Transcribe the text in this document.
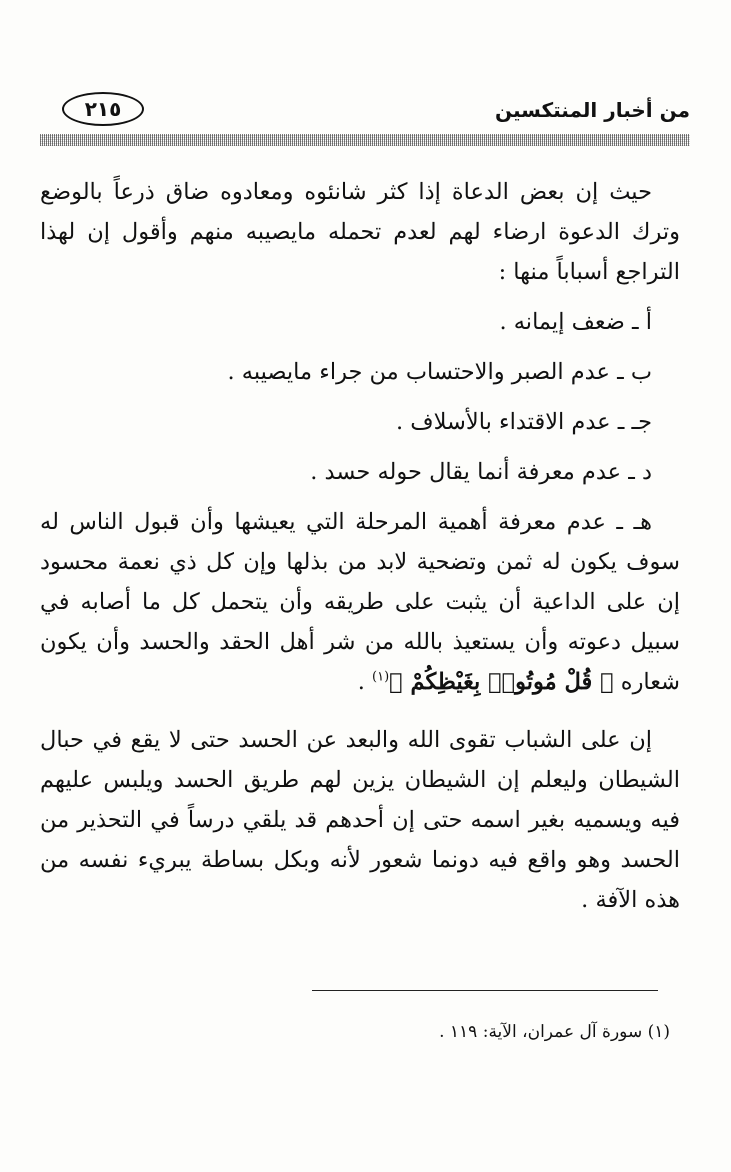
من أخبار المنتكسين
٢١٥

حيث إن بعض الدعاة إذا كثر شانئوه ومعادوه ضاق ذرعاً بالوضع وترك الدعوة ارضاء لهم لعدم تحمله مايصيبه منهم وأقول إن لهذا التراجع أسباباً منها :

أ ـ ضعف إيمانه .

ب ـ عدم الصبر والاحتساب من جراء مايصيبه .

جـ ـ عدم الاقتداء بالأسلاف .

د ـ عدم معرفة أنما يقال حوله حسد .

هـ ـ عدم معرفة أهمية المرحلة التي يعيشها وأن قبول الناس له سوف يكون له ثمن وتضحية لابد من بذلها وإن كل ذي نعمة محسود إن على الداعية أن يثبت على طريقه وأن يتحمل كل ما أصابه في سبيل دعوته وأن يستعيذ بالله من شر أهل الحقد والحسد وأن يكون شعاره ﴿ قُلْ مُوتُوا۟ بِغَيْظِكُمْ ﴾$^{(١)}$ .

إن على الشباب تقوى الله والبعد عن الحسد حتى لا يقع في حبال الشيطان وليعلم إن الشيطان يزين لهم طريق الحسد ويلبس عليهم فيه ويسميه بغير اسمه حتى إن أحدهم قد يلقي درساً في التحذير من الحسد وهو واقع فيه دونما شعور لأنه وبكل بساطة يبريء نفسه من هذه الآفة .

(١) سورة آل عمران، الآية: ١١٩ .
